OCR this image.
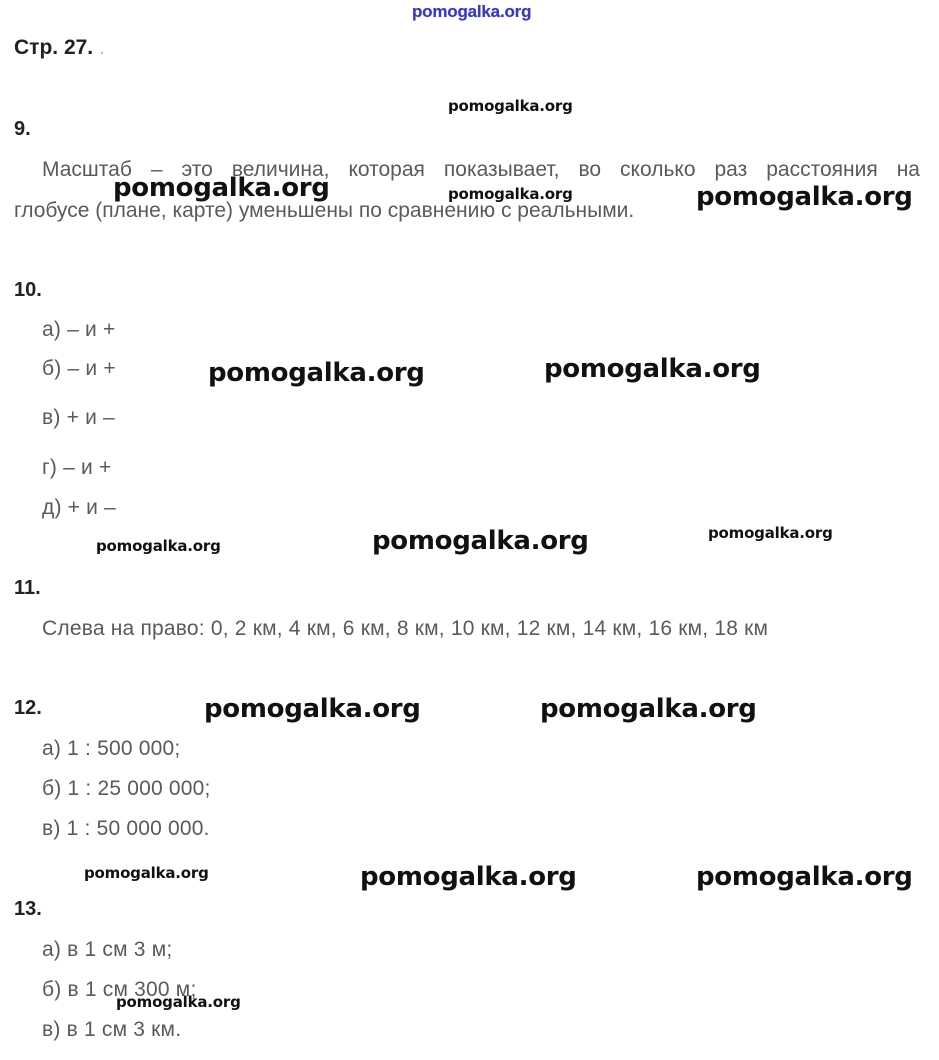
Стр. 27. .
9.
Масштаб – это величина, которая показывает, во сколько раз расстояния на
глобусе (плане, карте) уменьшены по сравнению с реальными.
10.
а) – и +
б) – и +
в) + и –
г) – и +
д) + и –
11.
Слева на право: 0, 2 км, 4 км, 6 км, 8 км, 10 км, 12 км, 14 км, 16 км, 18 км
12.
а) 1 : 500 000;
б) 1 : 25 000 000;
в) 1 : 50 000 000.
13.
а) в 1 см 3 м;
б) в 1 см 300 м;
в) в 1 см 3 км.
pomogalka.org
pomogalka.org
pomogalka.org	pomogalka.org	pomogalka.org
pomogalka.org	pomogalka.org
pomogalka.org	pomogalka.org	pomogalka.org
pomogalka.org	pomogalka.org
pomogalka.org	pomogalka.org	pomogalka.org
pomogalka.org
